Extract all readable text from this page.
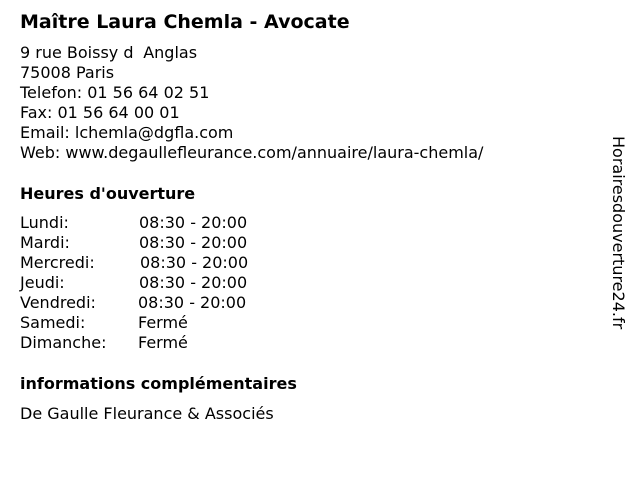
Maître Laura Chemla - Avocate
9 rue Boissy dAnglas
75008 Paris
Telefon: 01 56 64 02 51
Fax: 01 56 64 00 01
Email: lchemla@dgfla.com
Web: www.degaullefleurance.com/annuaire/laura-chemla/
Heures d'ouverture
Lundi:	08:30 - 20:00
Mardi:	08:30 - 20:00
Mercredi:	08:30 - 20:00
Jeudi:	08:30 - 20:00
Vendredi:	08:30 - 20:00
Samedi:	Fermé
Dimanche: Fermé
informations complémentaires
De Gaulle Fleurance & Associés
Horairesdouverture24.fr
